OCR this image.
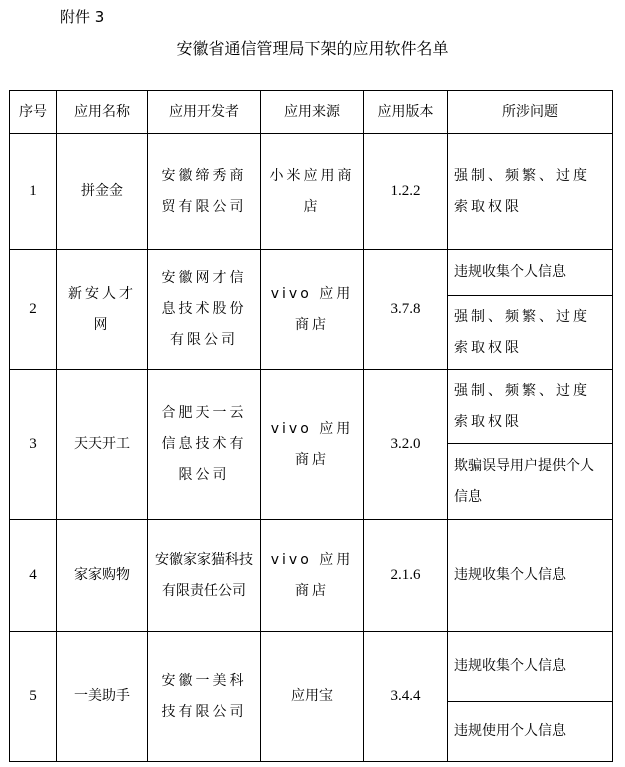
附件 3
安徽省通信管理局下架的应用软件名单
序号	应用名称	应用开发者	应用来源	应用版本	所涉问题
1	拼金金	安徽缔秀商贸有限公司	小米应用商店	1.2.2	强制、频繁、过度索取权限
2	新安人才网	安徽网才信息技术股份有限公司	vivo 应用商店	3.7.8	违规收集个人信息
					强制、频繁、过度索取权限
3	天天开工	合肥天一云信息技术有限公司	vivo 应用商店	3.2.0	强制、频繁、过度索取权限
					欺骗误导用户提供个人信息
4	家家购物	安徽家家猫科技有限责任公司	vivo 应用商店	2.1.6	违规收集个人信息
5	一美助手	安徽一美科技有限公司	应用宝	3.4.4	违规收集个人信息
					违规使用个人信息
